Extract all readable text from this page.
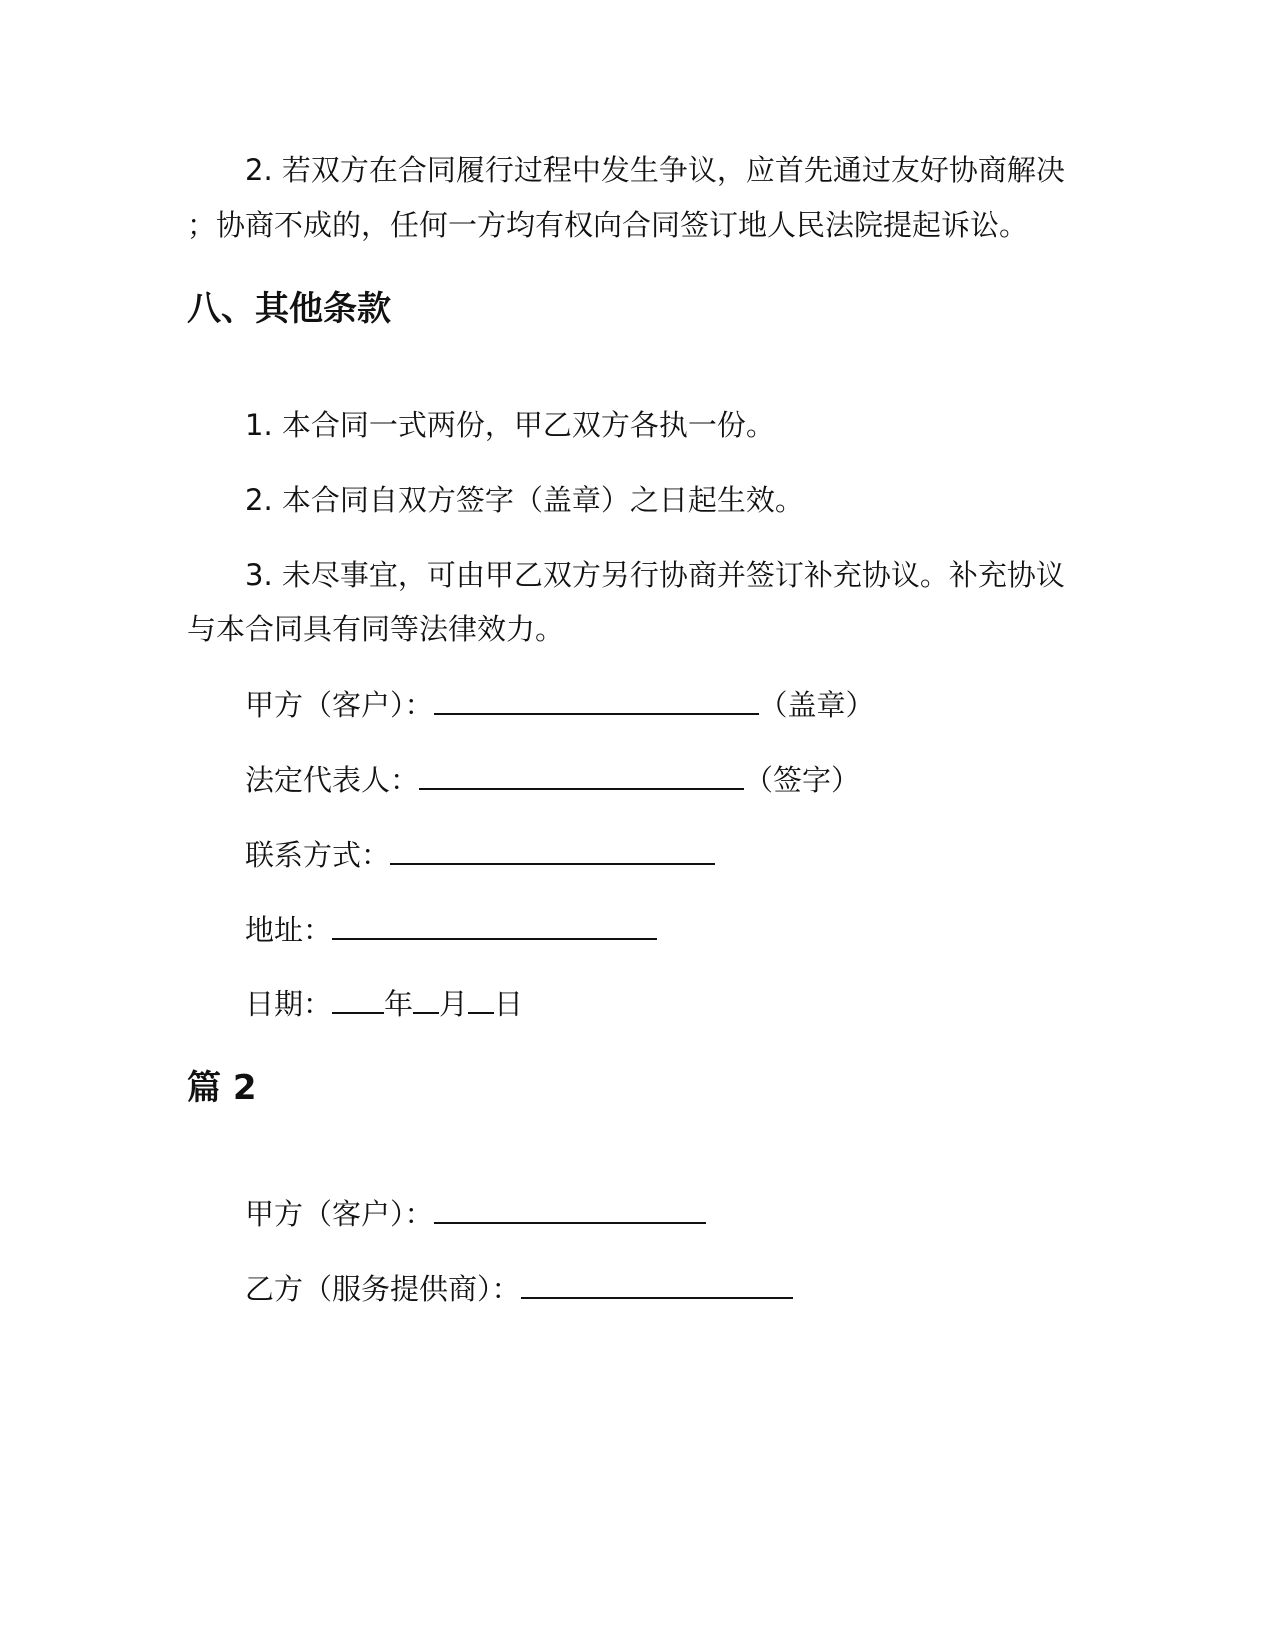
2. 若双方在合同履行过程中发生争议，应首先通过友好协商解决
；协商不成的，任何一方均有权向合同签订地人民法院提起诉讼。
八、其他条款
1. 本合同一式两份，甲乙双方各执一份。
2. 本合同自双方签字（盖章）之日起生效。
3. 未尽事宜，可由甲乙双方另行协商并签订补充协议。补充协议
与本合同具有同等法律效力。
甲方（客户）：	（盖章）
法定代表人：	（签字）
联系方式：
地址：
日期： 年 月 日
篇 2
甲方（客户）：
乙方（服务提供商）：
